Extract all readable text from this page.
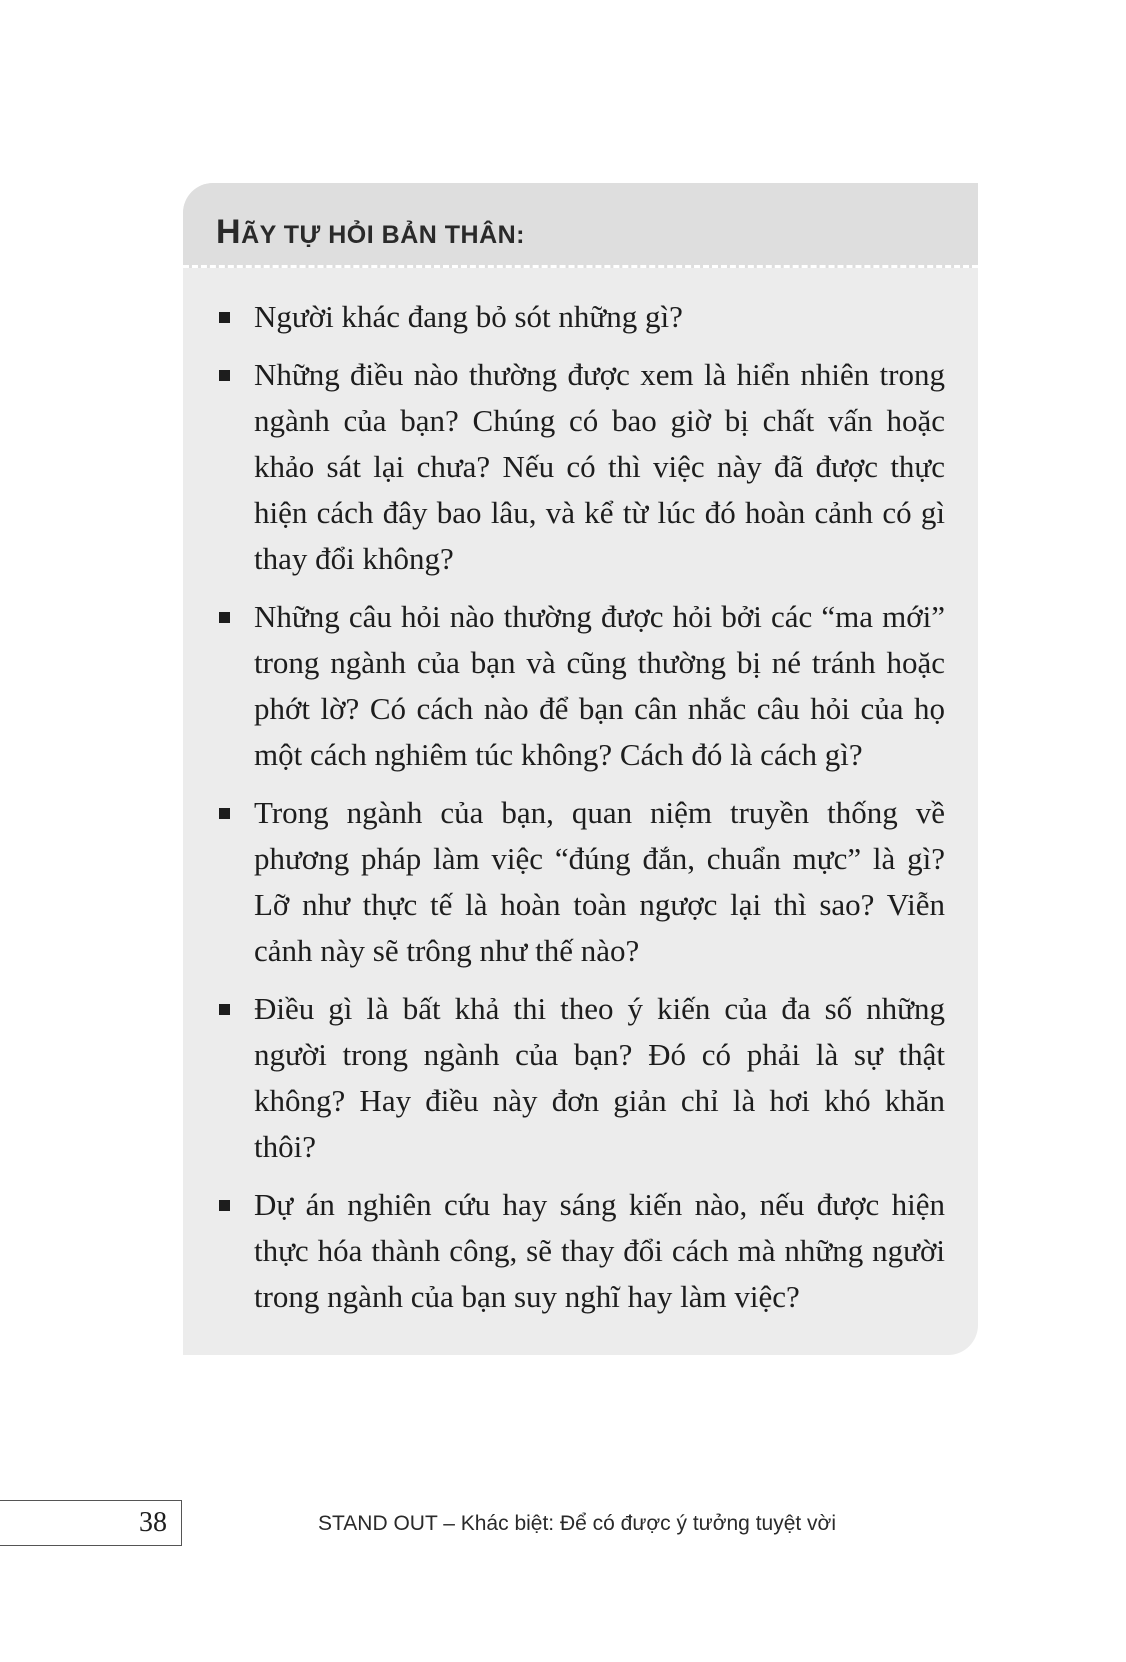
HÃY TỰ HỎI BẢN THÂN:
Người khác đang bỏ sót những gì?
Những điều nào thường được xem là hiển nhiên trong ngành của bạn? Chúng có bao giờ bị chất vấn hoặc khảo sát lại chưa? Nếu có thì việc này đã được thực hiện cách đây bao lâu, và kể từ lúc đó hoàn cảnh có gì thay đổi không?
Những câu hỏi nào thường được hỏi bởi các “ma mới” trong ngành của bạn và cũng thường bị né tránh hoặc phớt lờ? Có cách nào để bạn cân nhắc câu hỏi của họ một cách nghiêm túc không? Cách đó là cách gì?
Trong ngành của bạn, quan niệm truyền thống về phương pháp làm việc “đúng đắn, chuẩn mực” là gì? Lỡ như thực tế là hoàn toàn ngược lại thì sao? Viễn cảnh này sẽ trông như thế nào?
Điều gì là bất khả thi theo ý kiến của đa số những người trong ngành của bạn? Đó có phải là sự thật không? Hay điều này đơn giản chỉ là hơi khó khăn thôi?
Dự án nghiên cứu hay sáng kiến nào, nếu được hiện thực hóa thành công, sẽ thay đổi cách mà những người trong ngành của bạn suy nghĩ hay làm việc?
38	STAND OUT – Khác biệt: Để có được ý tưởng tuyệt vời
